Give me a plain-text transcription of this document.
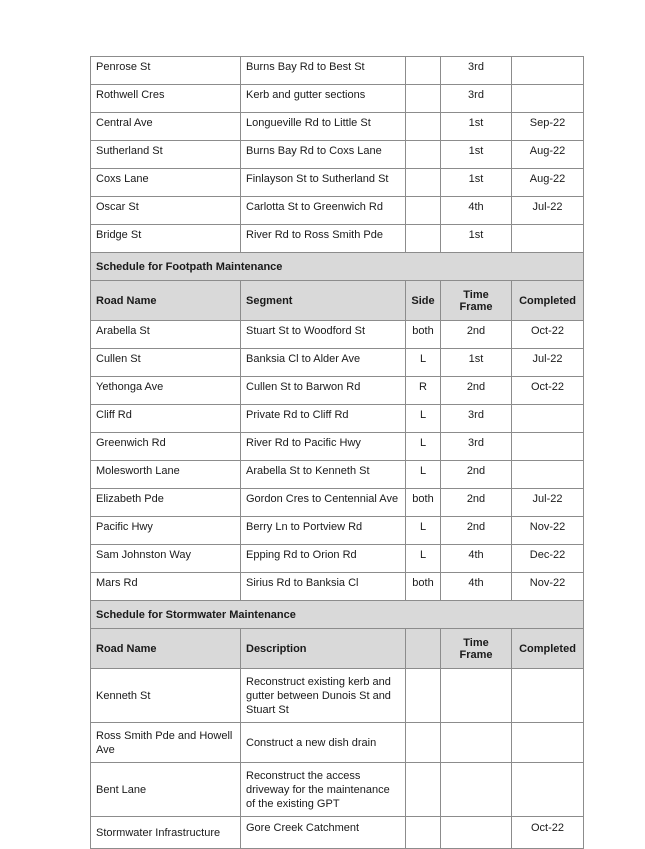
Penrose St	Burns Bay Rd to Best St		3rd	
Rothwell Cres	Kerb and gutter sections		3rd	
Central Ave	Longueville Rd to Little St		1st	Sep-22
Sutherland St	Burns Bay Rd to Coxs Lane		1st	Aug-22
Coxs Lane	Finlayson St to Sutherland St		1st	Aug-22
Oscar St	Carlotta St to Greenwich Rd		4th	Jul-22
Bridge St	River Rd to Ross Smith Pde		1st	
Schedule for Footpath Maintenance				
Road Name	Segment	Side	Time Frame	Completed
Arabella St	Stuart St to Woodford St	both	2nd	Oct-22
Cullen St	Banksia Cl to Alder Ave	L	1st	Jul-22
Yethonga Ave	Cullen St to Barwon Rd	R	2nd	Oct-22
Cliff Rd	Private Rd to Cliff Rd	L	3rd	
Greenwich Rd	River Rd to Pacific Hwy	L	3rd	
Molesworth Lane	Arabella St to Kenneth St	L	2nd	
Elizabeth Pde	Gordon Cres to Centennial Ave	both	2nd	Jul-22
Pacific Hwy	Berry Ln to Portview Rd	L	2nd	Nov-22
Sam Johnston Way	Epping Rd to Orion Rd	L	4th	Dec-22
Mars Rd	Sirius Rd to Banksia Cl	both	4th	Nov-22
Schedule for Stormwater Maintenance				
Road Name	Description		Time Frame	Completed
Kenneth St	Reconstruct existing kerb and gutter between Dunois St and Stuart St			
Ross Smith Pde and Howell Ave	Construct a new dish drain			
Bent Lane	Reconstruct the access driveway for the maintenance of the existing GPT			
Stormwater Infrastructure	Gore Creek Catchment			Oct-22
